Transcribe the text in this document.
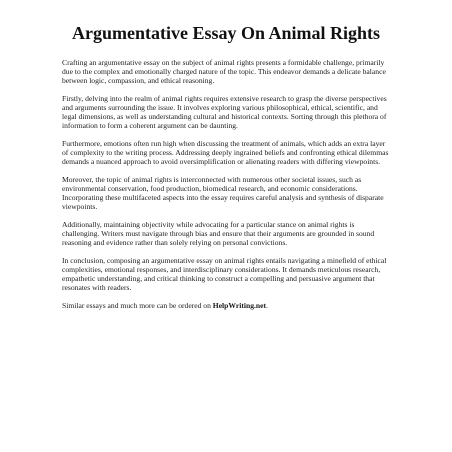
Argumentative Essay On Animal Rights

Crafting an argumentative essay on the subject of animal rights presents a formidable challenge, primarily due to the complex and emotionally charged nature of the topic. This endeavor demands a delicate balance between logic, compassion, and ethical reasoning.

Firstly, delving into the realm of animal rights requires extensive research to grasp the diverse perspectives and arguments surrounding the issue. It involves exploring various philosophical, ethical, scientific, and legal dimensions, as well as understanding cultural and historical contexts. Sorting through this plethora of information to form a coherent argument can be daunting.

Furthermore, emotions often run high when discussing the treatment of animals, which adds an extra layer of complexity to the writing process. Addressing deeply ingrained beliefs and confronting ethical dilemmas demands a nuanced approach to avoid oversimplification or alienating readers with differing viewpoints.

Moreover, the topic of animal rights is interconnected with numerous other societal issues, such as environmental conservation, food production, biomedical research, and economic considerations. Incorporating these multifaceted aspects into the essay requires careful analysis and synthesis of disparate viewpoints.

Additionally, maintaining objectivity while advocating for a particular stance on animal rights is challenging. Writers must navigate through bias and ensure that their arguments are grounded in sound reasoning and evidence rather than solely relying on personal convictions.

In conclusion, composing an argumentative essay on animal rights entails navigating a minefield of ethical complexities, emotional responses, and interdisciplinary considerations. It demands meticulous research, empathetic understanding, and critical thinking to construct a compelling and persuasive argument that resonates with readers.

Similar essays and much more can be ordered on HelpWriting.net.
